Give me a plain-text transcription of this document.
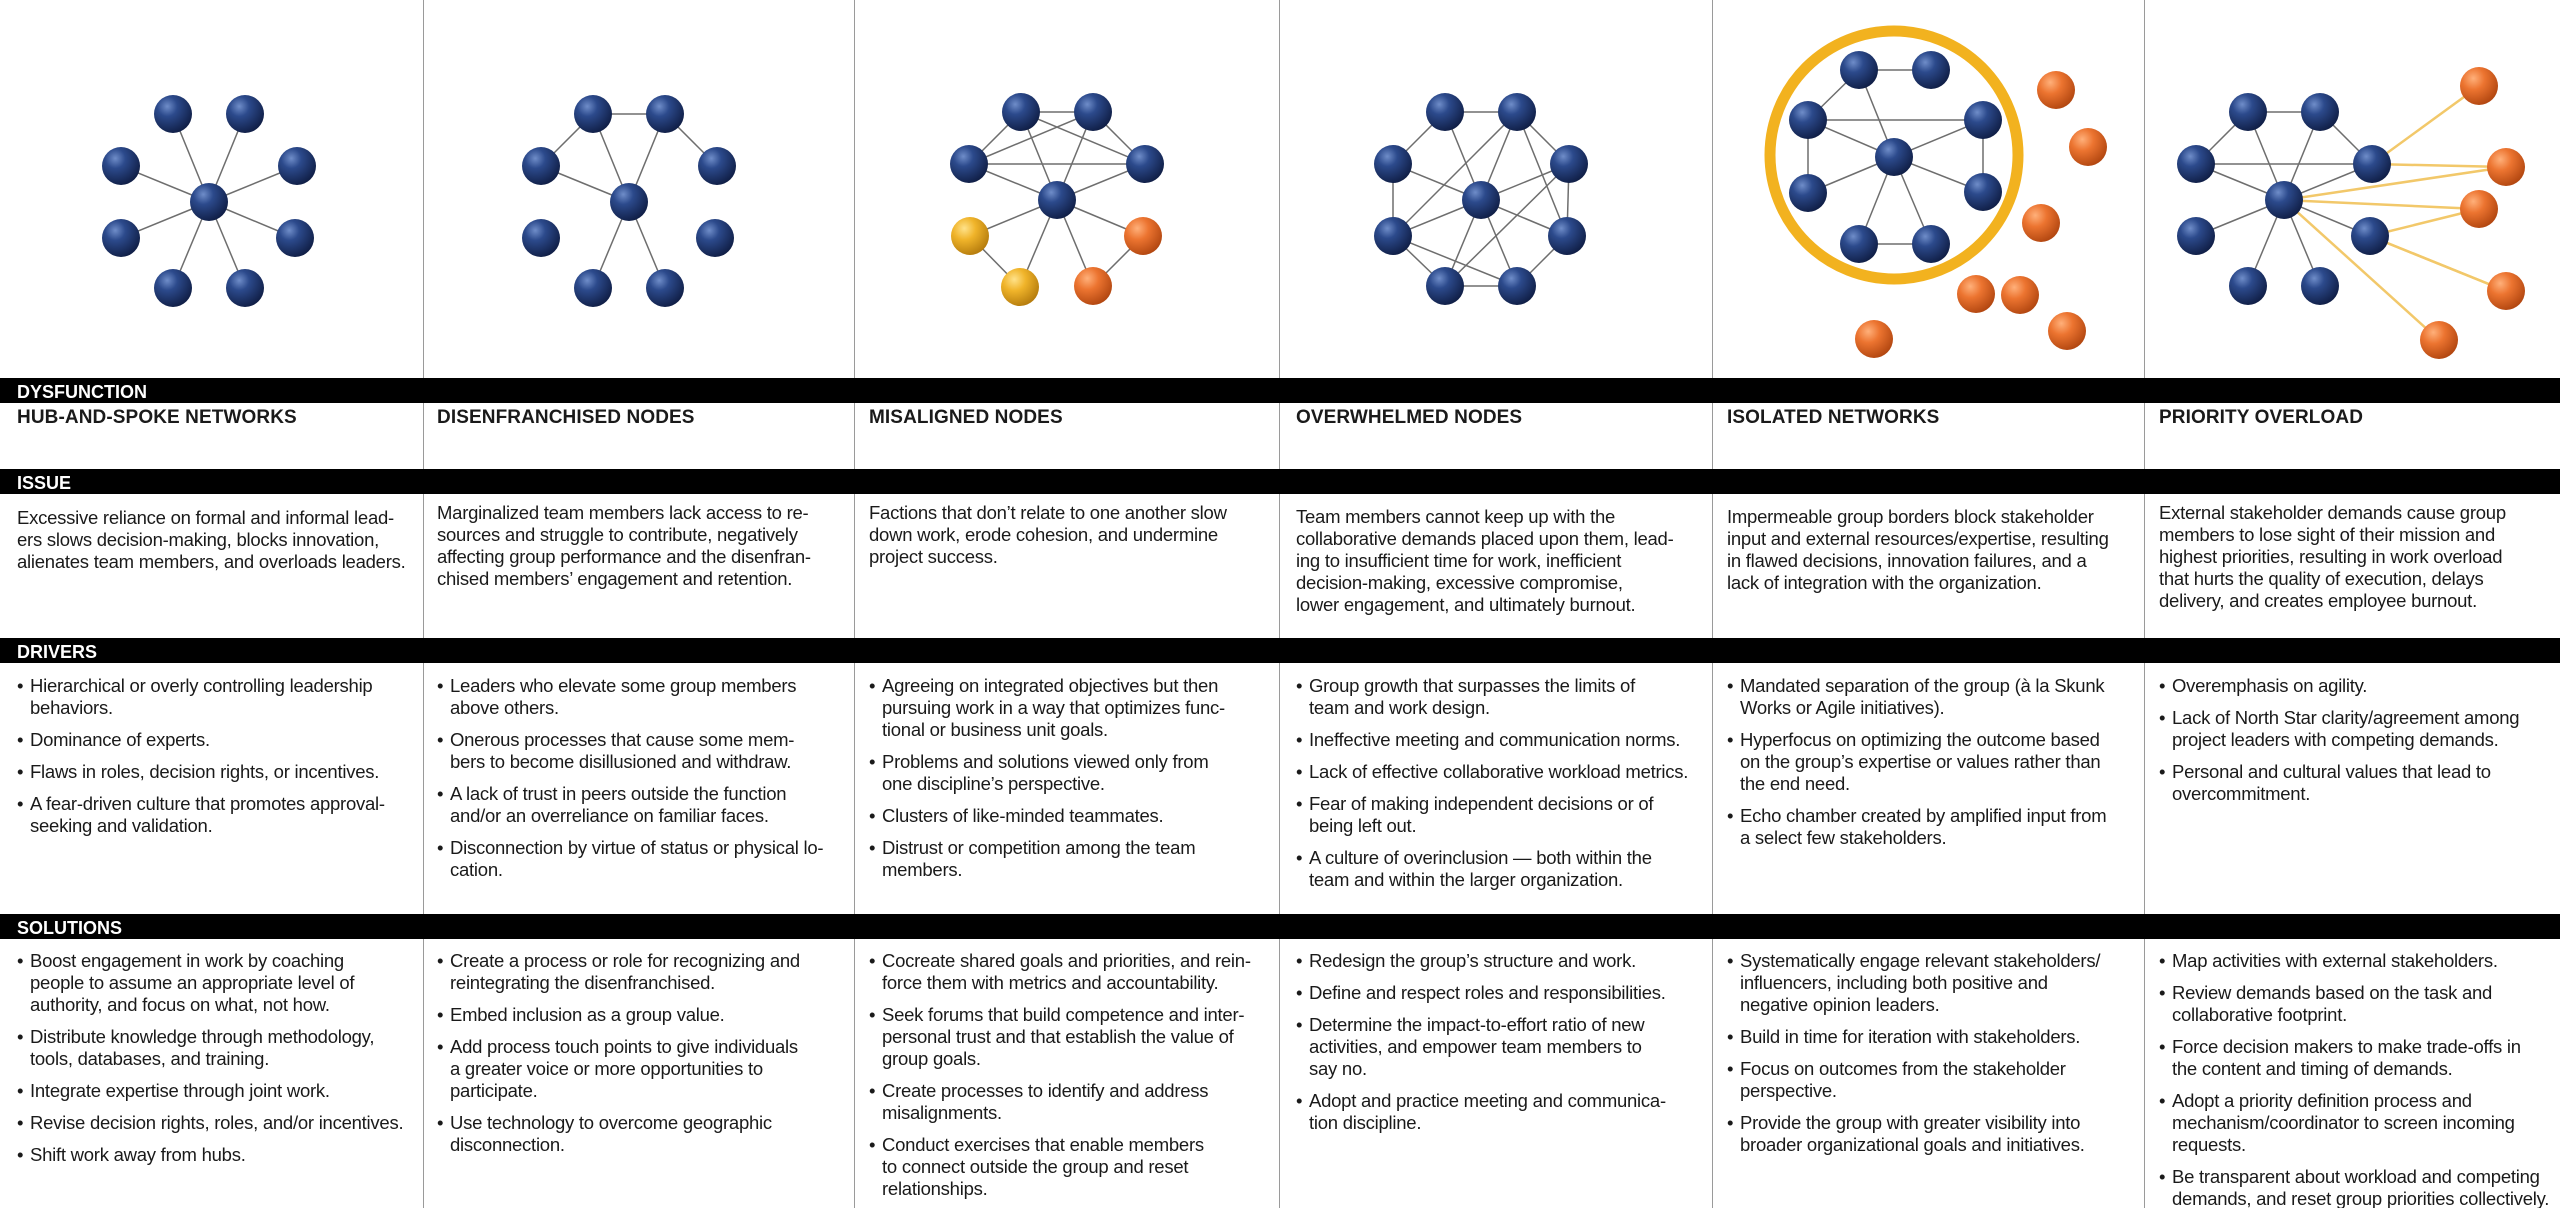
DYSFUNCTION
ISSUE
DRIVERS
SOLUTIONS
HUB-AND-SPOKE NETWORKS
Excessive reliance on formal and informal lead-
ers slows decision-making, blocks innovation,
alienates team members, and overloads leaders.
• Hierarchical or overly controlling leadership
behaviors.
• Dominance of experts.
• Flaws in roles, decision rights, or incentives.
• A fear-driven culture that promotes approval-
seeking and validation.
• Boost engagement in work by coaching
people to assume an appropriate level of
authority, and focus on what, not how.
• Distribute knowledge through methodology,
tools, databases, and training.
• Integrate expertise through joint work.
• Revise decision rights, roles, and/or incentives.
• Shift work away from hubs.
DISENFRANCHISED NODES
Marginalized team members lack access to re-
sources and struggle to contribute, negatively
affecting group performance and the disenfran-
chised members’ engagement and retention.
• Leaders who elevate some group members
above others.
• Onerous processes that cause some mem-
bers to become disillusioned and withdraw.
• A lack of trust in peers outside the function
and/or an overreliance on familiar faces.
• Disconnection by virtue of status or physical lo-
cation.
• Create a process or role for recognizing and
reintegrating the disenfranchised.
• Embed inclusion as a group value.
• Add process touch points to give individuals
a greater voice or more opportunities to
participate.
• Use technology to overcome geographic
disconnection.
MISALIGNED NODES
Factions that don’t relate to one another slow
down work, erode cohesion, and undermine
project success.
• Agreeing on integrated objectives but then
pursuing work in a way that optimizes func-
tional or business unit goals.
• Problems and solutions viewed only from
one discipline’s perspective.
• Clusters of like-minded teammates.
• Distrust or competition among the team
members.
• Cocreate shared goals and priorities, and rein-
force them with metrics and accountability.
• Seek forums that build competence and inter-
personal trust and that establish the value of
group goals.
• Create processes to identify and address
misalignments.
• Conduct exercises that enable members
to connect outside the group and reset
relationships.
OVERWHELMED NODES
Team members cannot keep up with the
collaborative demands placed upon them, lead-
ing to insufficient time for work, inefficient
decision-making, excessive compromise,
lower engagement, and ultimately burnout.
• Group growth that surpasses the limits of
team and work design.
• Ineffective meeting and communication norms.
• Lack of effective collaborative workload metrics.
• Fear of making independent decisions or of
being left out.
• A culture of overinclusion — both within the
team and within the larger organization.
• Redesign the group’s structure and work.
• Define and respect roles and responsibilities.
• Determine the impact-to-effort ratio of new
activities, and empower team members to
say no.
• Adopt and practice meeting and communica-
tion discipline.
ISOLATED NETWORKS
Impermeable group borders block stakeholder
input and external resources/expertise, resulting
in flawed decisions, innovation failures, and a
lack of integration with the organization.
• Mandated separation of the group (à la Skunk
Works or Agile initiatives).
• Hyperfocus on optimizing the outcome based
on the group’s expertise or values rather than
the end need.
• Echo chamber created by amplified input from
a select few stakeholders.
• Systematically engage relevant stakeholders/
influencers, including both positive and
negative opinion leaders.
• Build in time for iteration with stakeholders.
• Focus on outcomes from the stakeholder
perspective.
• Provide the group with greater visibility into
broader organizational goals and initiatives.
PRIORITY OVERLOAD
External stakeholder demands cause group
members to lose sight of their mission and
highest priorities, resulting in work overload
that hurts the quality of execution, delays
delivery, and creates employee burnout.
• Overemphasis on agility.
• Lack of North Star clarity/agreement among
project leaders with competing demands.
• Personal and cultural values that lead to
overcommitment.
• Map activities with external stakeholders.
• Review demands based on the task and
collaborative footprint.
• Force decision makers to make trade-offs in
the content and timing of demands.
• Adopt a priority definition process and
mechanism/coordinator to screen incoming
requests.
• Be transparent about workload and competing
demands, and reset group priorities collectively.
